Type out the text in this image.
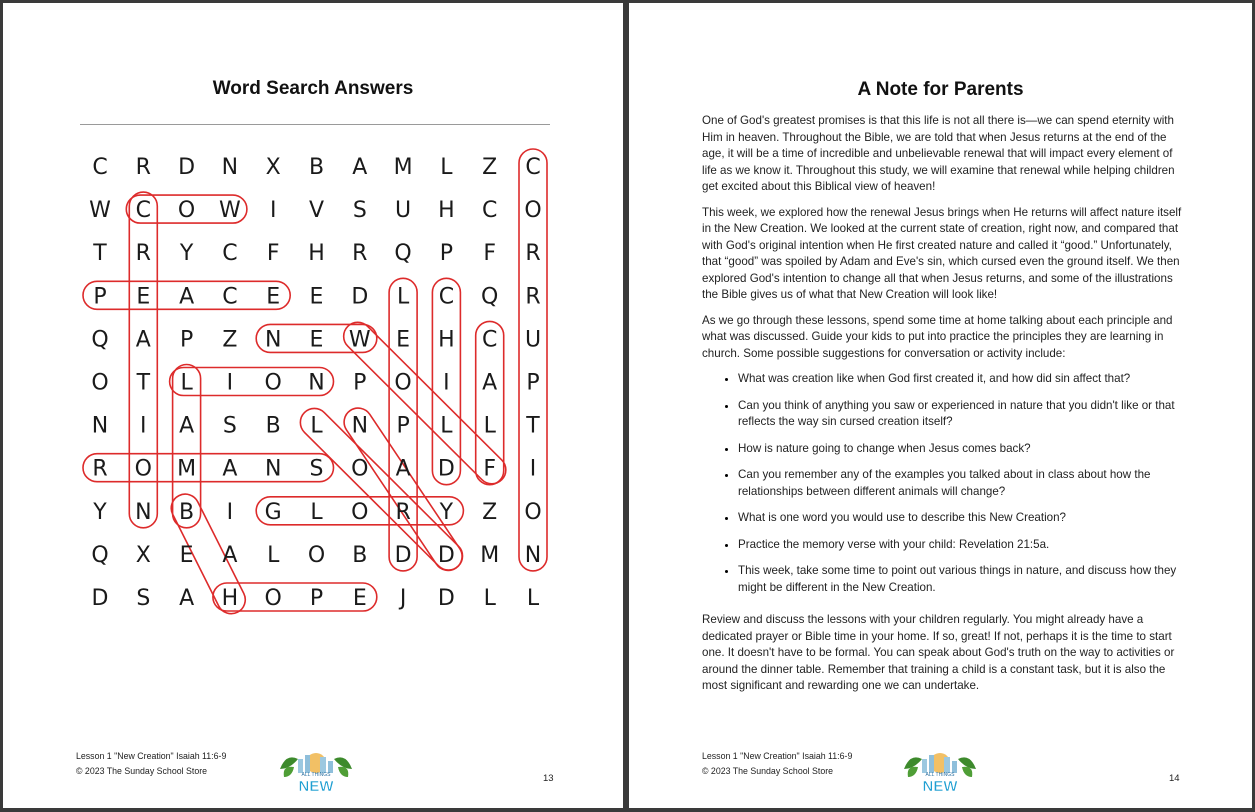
Word Search Answers
C R D N X B A M L Z C
W C O W I V S U H C O
T R Y C F H R Q P F R
P E A C E E D L C Q R
Q A P Z N E W E H C U
O T L I O N P O I A P
N I A S B L N P L L T
R O M A N S O A D F I
Y N B I G L O R Y Z O
Q X E A L O B D D M N
D S A H O P E J D L L
Lesson 1 "New Creation" Isaiah 11:6-9
© 2023 The Sunday School Store	ALL THINGS
NEW	13
A Note for Parents

One of God's greatest promises is that this life is not all there is—we can spend eternity with Him in heaven. Throughout the Bible, we are told that when Jesus returns at the end of the age, it will be a time of incredible and unbelievable renewal that will impact every element of life as we know it. Throughout this study, we will examine that renewal while helping children get excited about this Biblical view of heaven!

This week, we explored how the renewal Jesus brings when He returns will affect nature itself in the New Creation. We looked at the current state of creation, right now, and compared that with God's original intention when He first created nature and called it “good.” Unfortunately, that “good” was spoiled by Adam and Eve's sin, which cursed even the ground itself. We then explored God's intention to change all that when Jesus returns, and some of the illustrations the Bible gives us of what that New Creation will look like!

As we go through these lessons, spend some time at home talking about each principle and what was discussed. Guide your kids to put into practice the principles they are learning in church. Some possible suggestions for conversation or activity include:

• What was creation like when God first created it, and how did sin affect that?
• Can you think of anything you saw or experienced in nature that you didn't like or that reflects the way sin cursed creation itself?
• How is nature going to change when Jesus comes back?
• Can you remember any of the examples you talked about in class about how the relationships between different animals will change?
• What is one word you would use to describe this New Creation?
• Practice the memory verse with your child: Revelation 21:5a.
• This week, take some time to point out various things in nature, and discuss how they might be different in the New Creation.

Review and discuss the lessons with your children regularly. You might already have a dedicated prayer or Bible time in your home. If so, great! If not, perhaps it is the time to start one. It doesn't have to be formal. You can speak about God's truth on the way to activities or around the dinner table. Remember that training a child is a constant task, but it is also the most significant and rewarding one we can undertake.

Lesson 1 "New Creation" Isaiah 11:6-9
© 2023 The Sunday School Store	ALL THINGS
NEW	14
